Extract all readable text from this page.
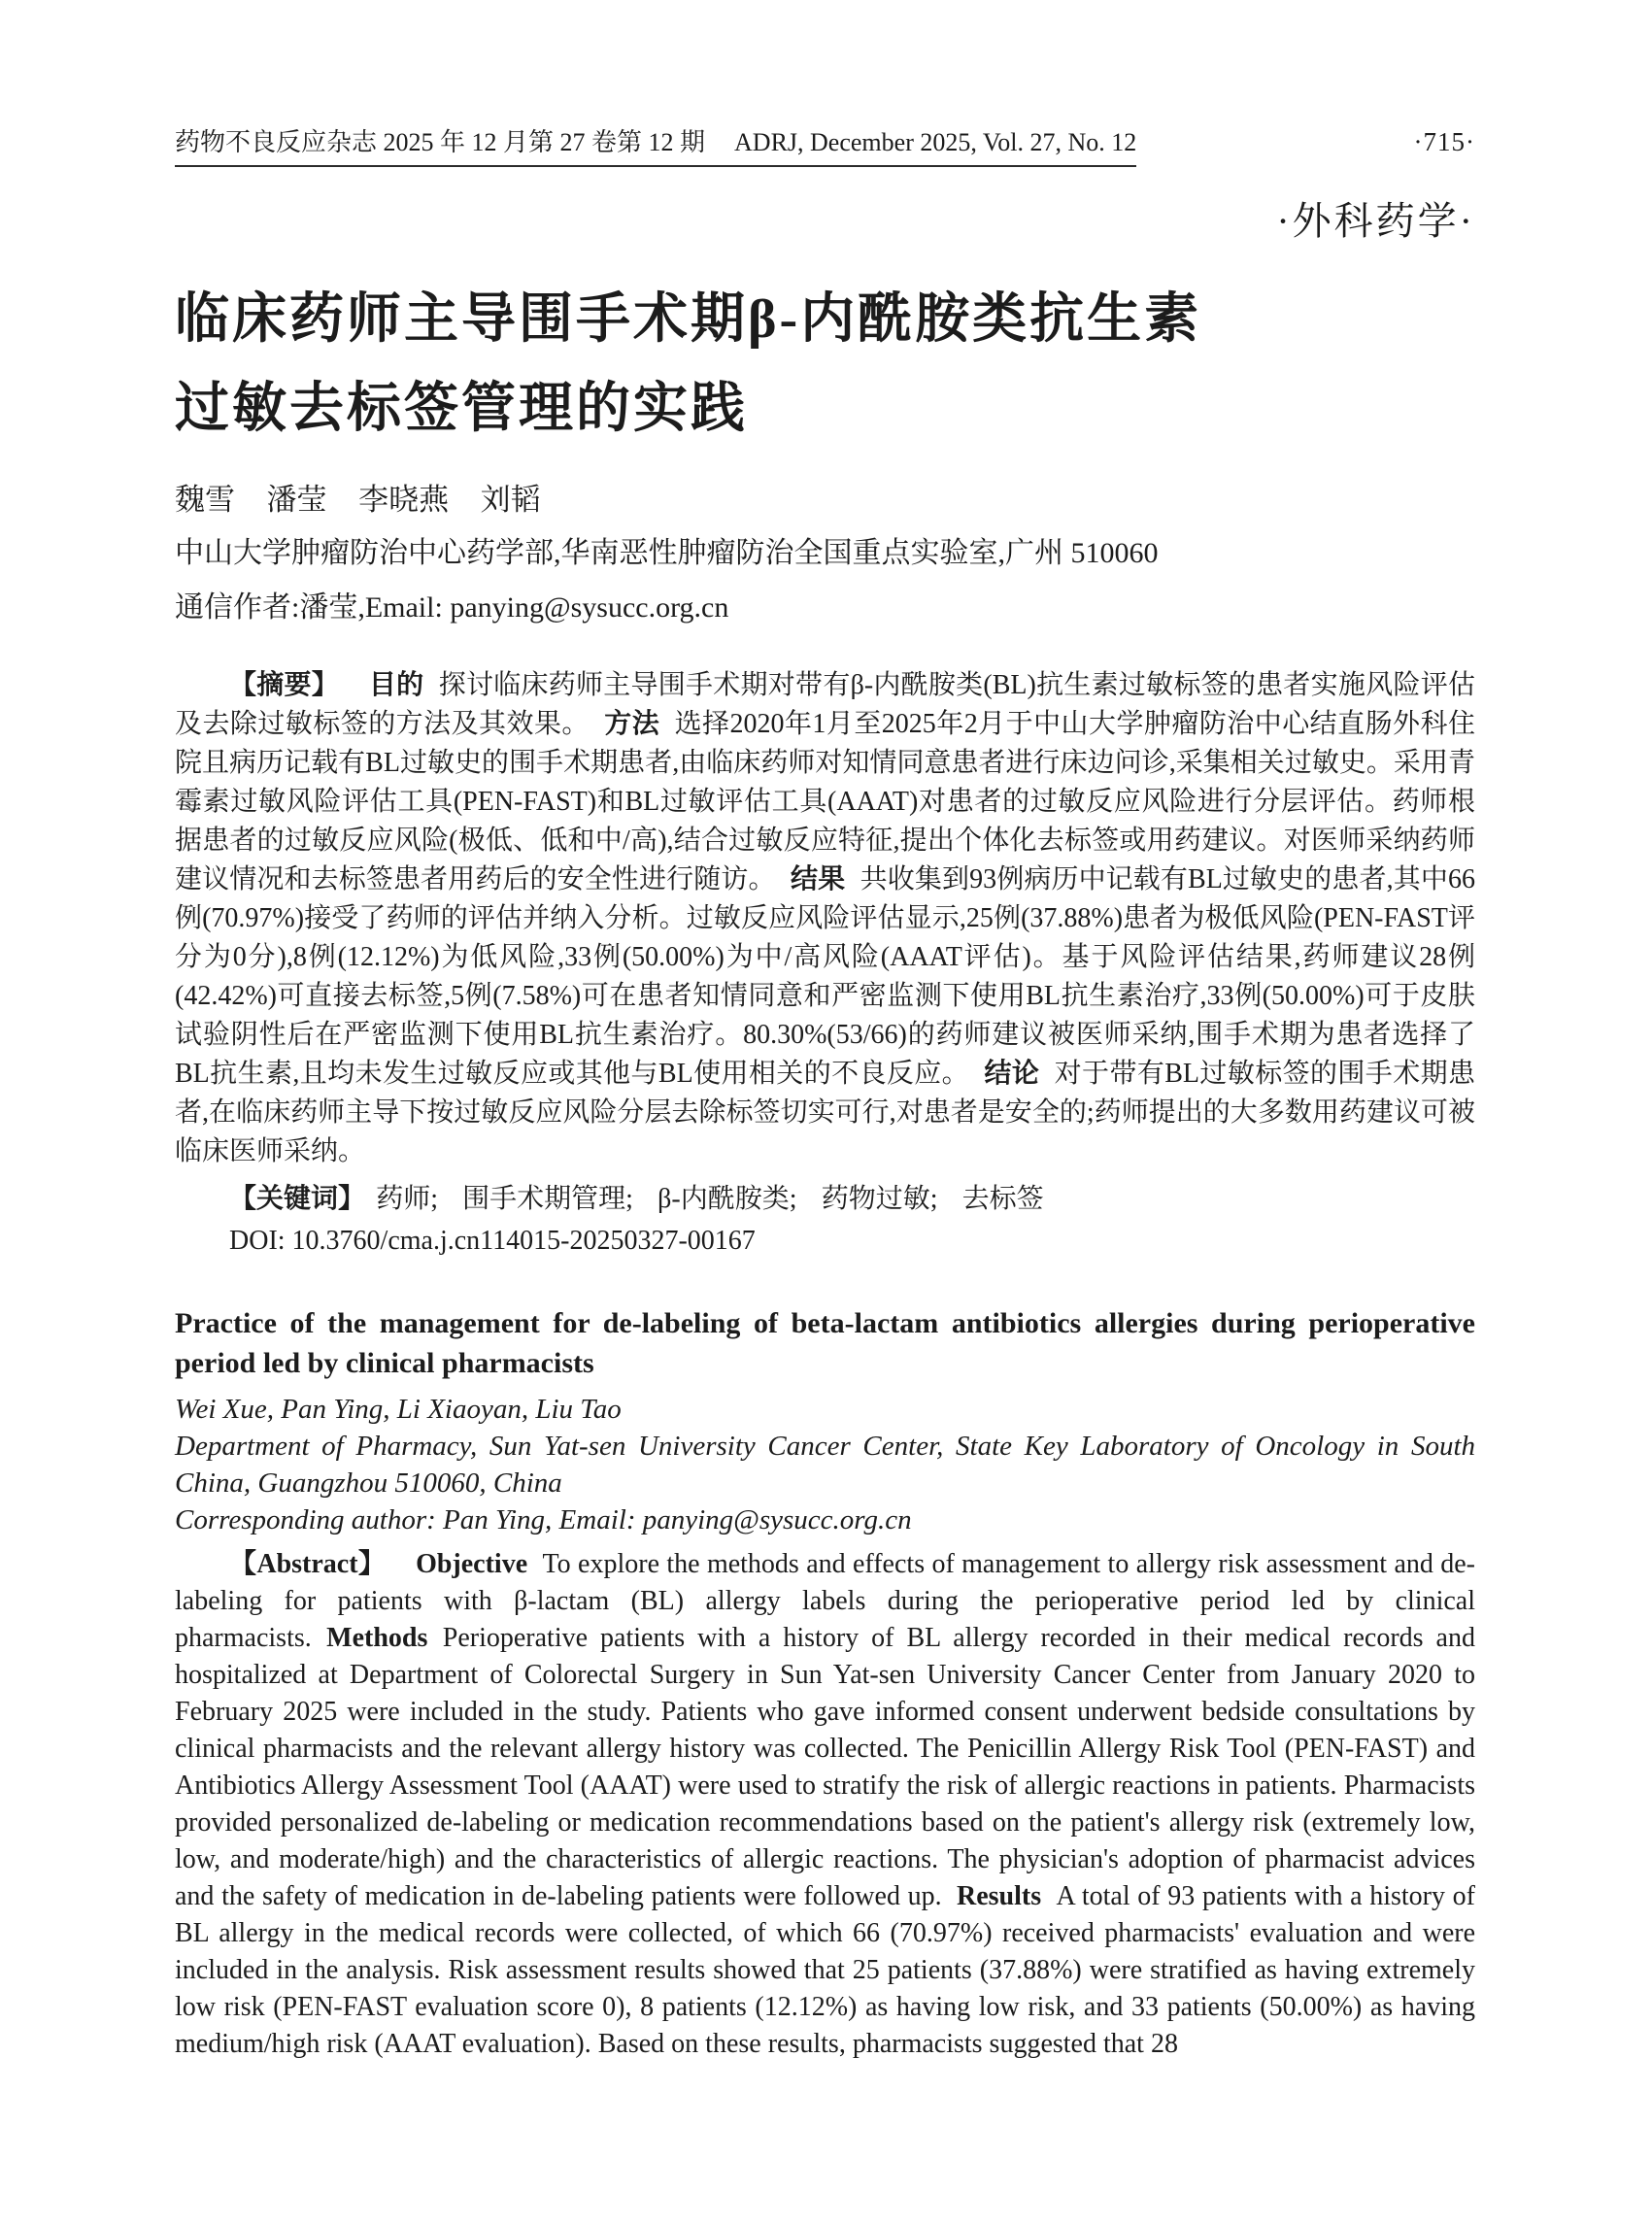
药物不良反应杂志 2025 年 12 月第 27 卷第 12 期 ADRJ, December 2025, Vol. 27, No. 12	·715·
·外科药学·
临床药师主导围手术期β-内酰胺类抗生素
过敏去标签管理的实践
魏雪 潘莹 李晓燕 刘韬
中山大学肿瘤防治中心药学部,华南恶性肿瘤防治全国重点实验室,广州 510060
通信作者:潘莹,Email: panying@sysucc.org.cn

【摘要】 目的 探讨临床药师主导围手术期对带有β-内酰胺类(BL)抗生素过敏标签的患者实施风险评估及去除过敏标签的方法及其效果。 方法 选择2020年1月至2025年2月于中山大学肿瘤防治中心结直肠外科住院且病历记载有BL过敏史的围手术期患者,由临床药师对知情同意患者进行床边问诊,采集相关过敏史。采用青霉素过敏风险评估工具(PEN-FAST)和BL过敏评估工具(AAAT)对患者的过敏反应风险进行分层评估。药师根据患者的过敏反应风险(极低、低和中/高),结合过敏反应特征,提出个体化去标签或用药建议。对医师采纳药师建议情况和去标签患者用药后的安全性进行随访。 结果 共收集到93例病历中记载有BL过敏史的患者,其中66例(70.97%)接受了药师的评估并纳入分析。过敏反应风险评估显示,25例(37.88%)患者为极低风险(PEN-FAST评分为0分),8例(12.12%)为低风险,33例(50.00%)为中/高风险(AAAT评估)。基于风险评估结果,药师建议28例(42.42%)可直接去标签,5例(7.58%)可在患者知情同意和严密监测下使用BL抗生素治疗,33例(50.00%)可于皮肤试验阴性后在严密监测下使用BL抗生素治疗。80.30%(53/66)的药师建议被医师采纳,围手术期为患者选择了BL抗生素,且均未发生过敏反应或其他与BL使用相关的不良反应。 结论 对于带有BL过敏标签的围手术期患者,在临床药师主导下按过敏反应风险分层去除标签切实可行,对患者是安全的;药师提出的大多数用药建议可被临床医师采纳。

【关键词】 药师; 围手术期管理; β-内酰胺类; 药物过敏; 去标签

DOI: 10.3760/cma.j.cn114015-20250327-00167
Practice of the management for de-labeling of beta-lactam antibiotics allergies during perioperative period led by clinical pharmacists
Wei Xue, Pan Ying, Li Xiaoyan, Liu Tao
Department of Pharmacy, Sun Yat-sen University Cancer Center, State Key Laboratory of Oncology in South China, Guangzhou 510060, China
Corresponding author: Pan Ying, Email: panying@sysucc.org.cn

【Abstract】 Objective To explore the methods and effects of management to allergy risk assessment and de-labeling for patients with β-lactam (BL) allergy labels during the perioperative period led by clinical pharmacists. Methods Perioperative patients with a history of BL allergy recorded in their medical records and hospitalized at Department of Colorectal Surgery in Sun Yat-sen University Cancer Center from January 2020 to February 2025 were included in the study. Patients who gave informed consent underwent bedside consultations by clinical pharmacists and the relevant allergy history was collected. The Penicillin Allergy Risk Tool (PEN-FAST) and Antibiotics Allergy Assessment Tool (AAAT) were used to stratify the risk of allergic reactions in patients. Pharmacists provided personalized de-labeling or medication recommendations based on the patient's allergy risk (extremely low, low, and moderate/high) and the characteristics of allergic reactions. The physician's adoption of pharmacist advices and the safety of medication in de-labeling patients were followed up. Results A total of 93 patients with a history of BL allergy in the medical records were collected, of which 66 (70.97%) received pharmacists' evaluation and were included in the analysis. Risk assessment results showed that 25 patients (37.88%) were stratified as having extremely low risk (PEN-FAST evaluation score 0), 8 patients (12.12%) as having low risk, and 33 patients (50.00%) as having medium/high risk (AAAT evaluation). Based on these results, pharmacists suggested that 28
